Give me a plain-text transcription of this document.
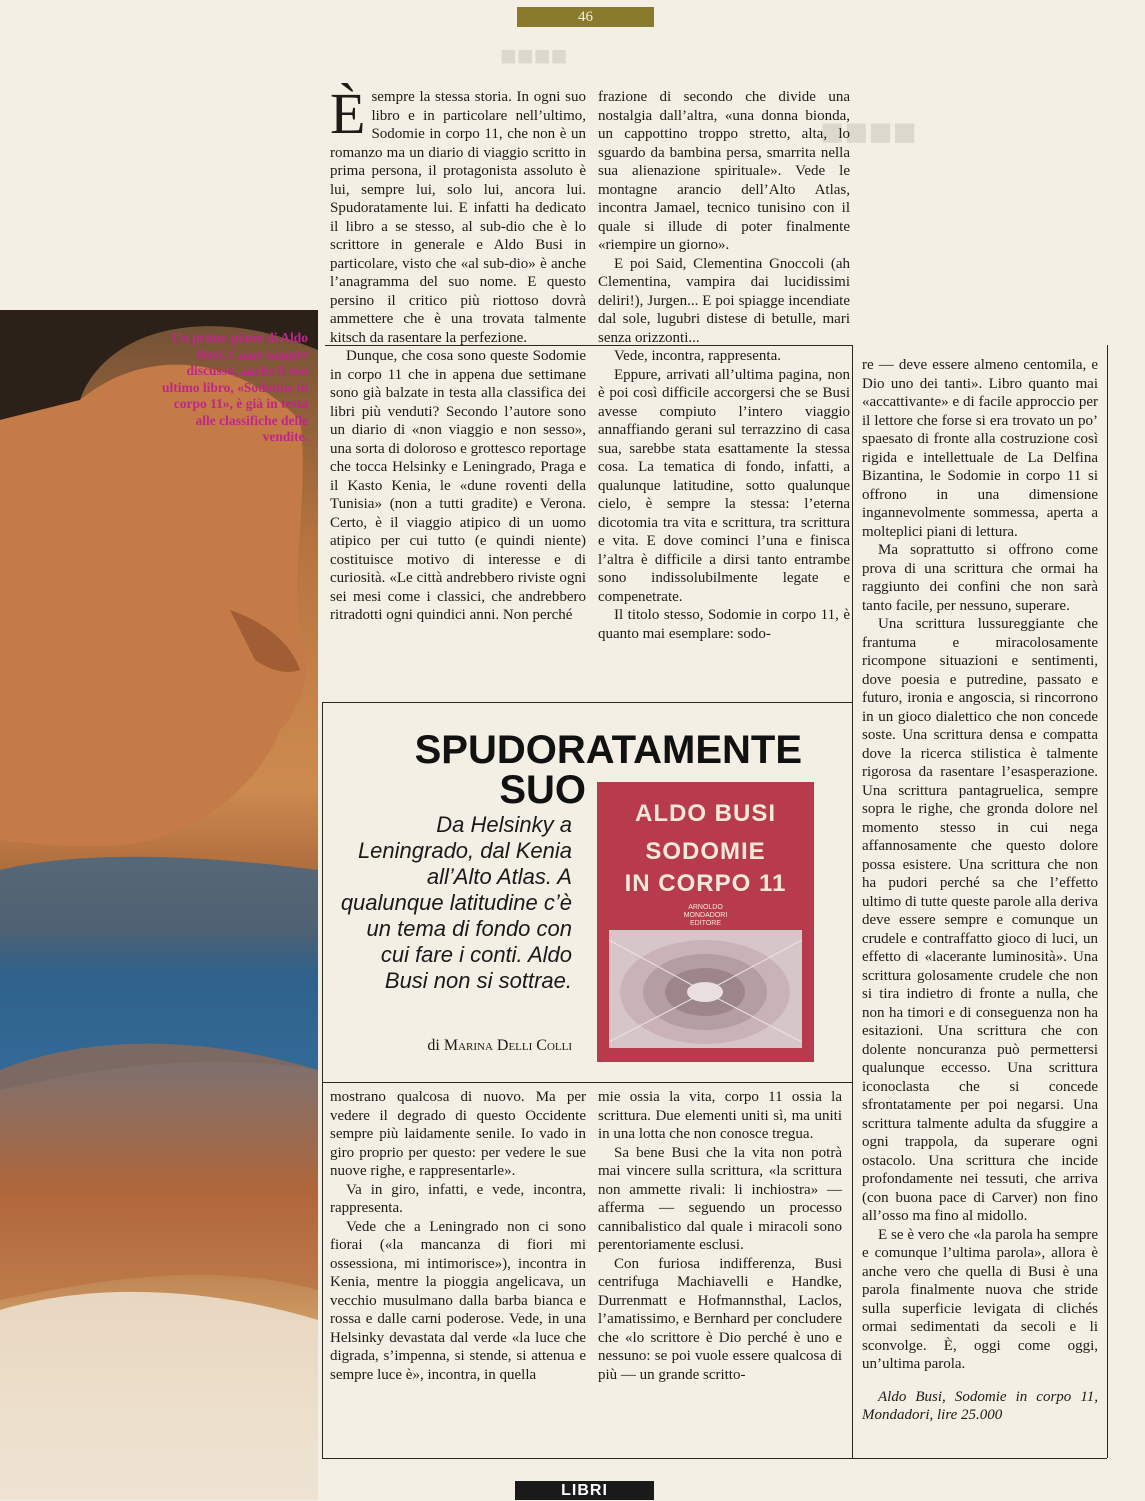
46
■■■■
■■■■
Un primo piano di Aldo Busi. Come sempre discusso, anche il suo ultimo libro, «Sodomie in corpo 11», è già in testa alle classifiche delle vendite.

Èsempre la stessa storia. In ogni suo libro e in particolare nell’ultimo, Sodomie in corpo 11, che non è un romanzo ma un diario di viaggio scritto in prima persona, il protagonista assoluto è lui, sempre lui, solo lui, ancora lui. Spudoratamente lui. E infatti ha dedicato il libro a se stesso, al sub-dio che è lo scrittore in generale e Aldo Busi in particolare, visto che «al sub-dio» è anche l’anagramma del suo nome. E questo persino il critico più riottoso dovrà ammettere che è una trovata talmente kitsch da rasentare la perfezione.

Dunque, che cosa sono queste Sodomie in corpo 11 che in appena due settimane sono già balzate in testa alla classifica dei libri più venduti? Secondo l’autore sono un diario di «non viaggio e non sesso», una sorta di doloroso e grottesco reportage che tocca Helsinky e Leningrado, Praga e il Kasto Kenia, le «dune roventi della Tunisia» (non a tutti gradite) e Verona. Certo, è il viaggio atipico di un uomo atipico per cui tutto (e quindi niente) costituisce motivo di interesse e di curiosità. «Le città andrebbero riviste ogni sei mesi come i classici, che andrebbero ritradotti ogni quindici anni. Non perché

frazione di secondo che divide una nostalgia dall’altra, «una donna bionda, un cappottino troppo stretto, alta, lo sguardo da bambina persa, smarrita nella sua alienazione spirituale». Vede le montagne arancio dell’Alto Atlas, incontra Jamael, tecnico tunisino con il quale si illude di poter finalmente «riempire un giorno».

E poi Said, Clementina Gnoccoli (ah Clementina, vampira dai lucidissimi deliri!), Jurgen... E poi spiagge incendiate dal sole, lugubri distese di betulle, mari senza orizzonti...

Vede, incontra, rappresenta.

Eppure, arrivati all’ultima pagina, non è poi così difficile accorgersi che se Busi avesse compiuto l’intero viaggio annaffiando gerani sul terrazzino di casa sua, sarebbe stata esattamente la stessa cosa. La tematica di fondo, infatti, a qualunque latitudine, sotto qualunque cielo, è sempre la stessa: l’eterna dicotomia tra vita e scrittura, tra scrittura e vita. E dove cominci l’una e finisca l’altra è difficile a dirsi tanto entrambe sono indissolubilmente legate e compenetrate.

Il titolo stesso, Sodomie in corpo 11, è quanto mai esemplare: sodo-

re — deve essere almeno centomila, e Dio uno dei tanti». Libro quanto mai «accattivante» e di facile approccio per il lettore che forse si era trovato un po’ spaesato di fronte alla costruzione così rigida e intellettuale de La Delfina Bizantina, le Sodomie in corpo 11 si offrono in una dimensione ingannevolmente sommessa, aperta a molteplici piani di lettura.

Ma soprattutto si offrono come prova di una scrittura che ormai ha raggiunto dei confini che non sarà tanto facile, per nessuno, superare.

Una scrittura lussureggiante che frantuma e miracolosamente ricompone situazioni e sentimenti, dove poesia e putredine, passato e futuro, ironia e angoscia, si rincorrono in un gioco dialettico che non concede soste. Una scrittura densa e compatta dove la ricerca stilistica è talmente rigorosa da rasentare l’esasperazione. Una scrittura pantagruelica, sempre sopra le righe, che gronda dolore nel momento stesso in cui nega affannosamente che questo dolore possa esistere. Una scrittura che non ha pudori perché sa che l’effetto ultimo di tutte queste parole alla deriva deve essere sempre e comunque un crudele e contraffatto gioco di luci, un effetto di «lacerante luminosità». Una scrittura golosamente crudele che non si tira indietro di fronte a nulla, che non ha timori e di conseguenza non ha esitazioni. Una scrittura che con dolente noncuranza può permettersi qualunque eccesso. Una scrittura iconoclasta che si concede sfrontatamente per poi negarsi. Una scrittura talmente adulta da sfuggire a ogni trappola, da superare ogni ostacolo. Una scrittura che incide profondamente nei tessuti, che arriva (con buona pace di Carver) non fino all’osso ma fino al midollo.

E se è vero che «la parola ha sempre e comunque l’ultima parola», allora è anche vero che quella di Busi è una parola finalmente nuova che stride sulla superficie levigata di clichés ormai sedimentati da secoli e li sconvolge. È, oggi come oggi, un’ultima parola.

Aldo Busi, Sodomie in corpo 11, Mondadori, lire 25.000

SPUDORATAMENTE
SUO
Da Helsinky a Leningrado, dal Kenia all’Alto Atlas. A qualunque latitudine c’è un tema di fondo con cui fare i conti. Aldo Busi non si sottrae.
di Marina Delli Colli
ALDO BUSI
SODOMIE
IN CORPO 11
ARNOLDO
MONDADORI
EDITORE

mostrano qualcosa di nuovo. Ma per vedere il degrado di questo Occidente sempre più laidamente senile. Io vado in giro proprio per questo: per vedere le sue nuove righe, e rappresentarle».

Va in giro, infatti, e vede, incontra, rappresenta.

Vede che a Leningrado non ci sono fiorai («la mancanza di fiori mi ossessiona, mi intimorisce»), incontra in Kenia, mentre la pioggia angelicava, un vecchio musulmano dalla barba bianca e rossa e dalle carni poderose. Vede, in una Helsinky devastata dal verde «la luce che digrada, s’impenna, si stende, si attenua e sempre luce è», incontra, in quella

mie ossia la vita, corpo 11 ossia la scrittura. Due elementi uniti sì, ma uniti in una lotta che non conosce tregua.

Sa bene Busi che la vita non potrà mai vincere sulla scrittura, «la scrittura non ammette rivali: li inchiostra» — afferma — seguendo un processo cannibalistico dal quale i miracoli sono perentoriamente esclusi.

Con furiosa indifferenza, Busi centrifuga Machiavelli e Handke, Durrenmatt e Hofmannsthal, Laclos, l’amatissimo, e Bernhard per concludere che «lo scrittore è Dio perché è uno e nessuno: se poi vuole essere qualcosa di più — un grande scritto-

LIBRI
